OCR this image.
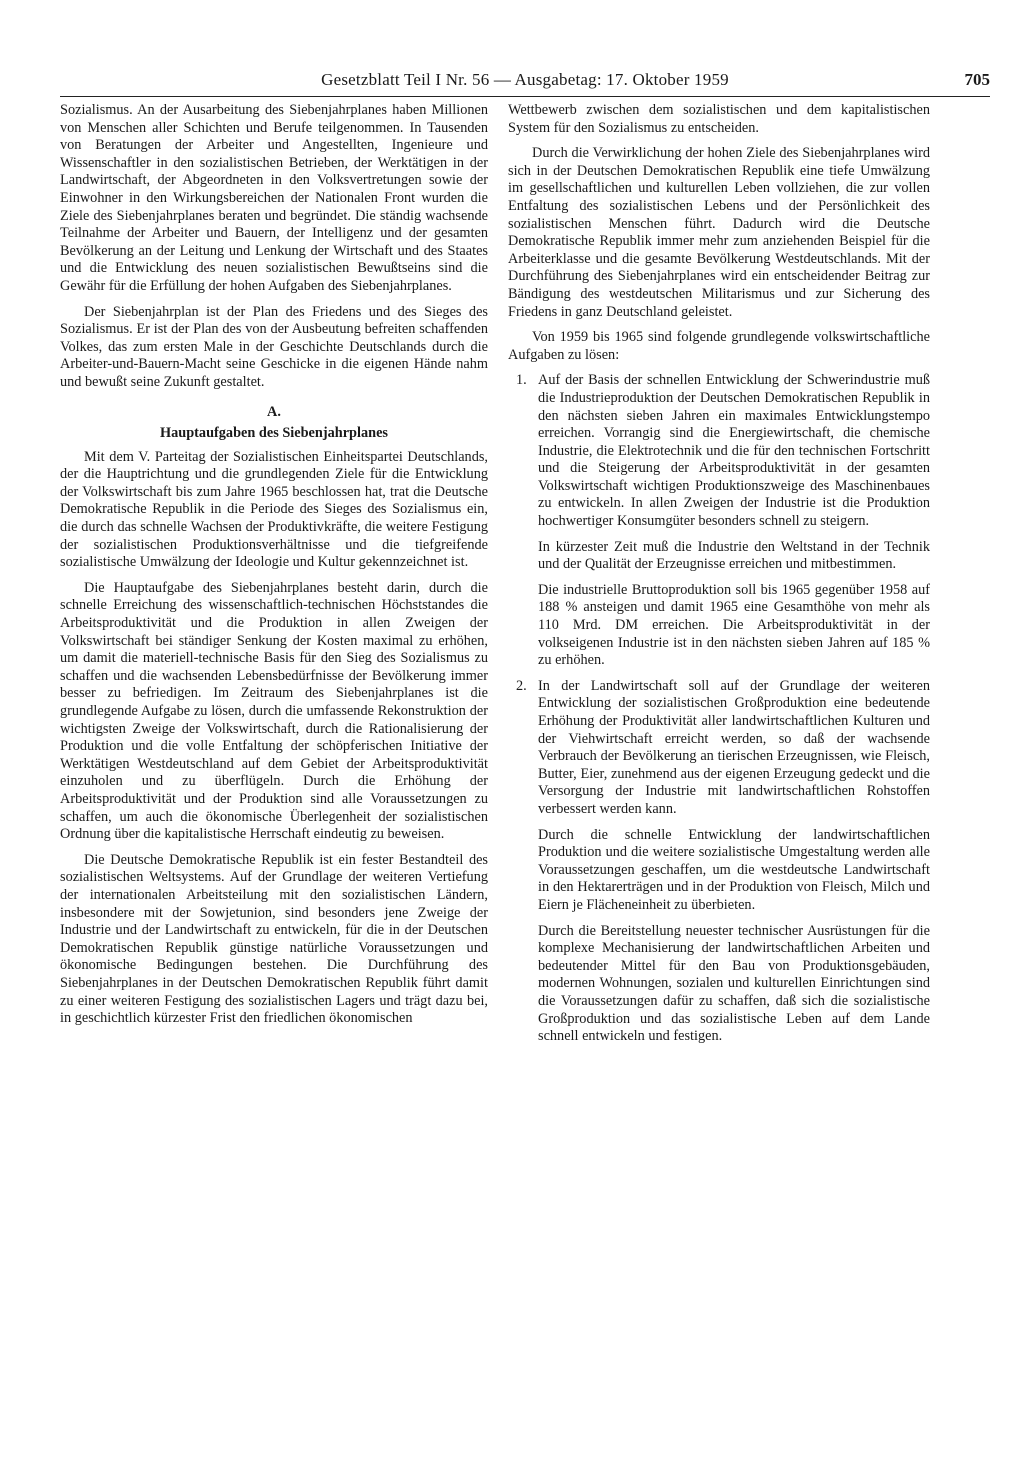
Gesetzblatt Teil I Nr. 56 — Ausgabetag: 17. Oktober 1959	705

Sozialismus. An der Ausarbeitung des Siebenjahrplanes haben Millionen von Menschen aller Schichten und Berufe teilgenommen. In Tausenden von Beratungen der Arbeiter und Angestellten, Ingenieure und Wissenschaftler in den sozialistischen Betrieben, der Werktätigen in der Landwirtschaft, der Abgeordneten in den Volksvertretungen sowie der Einwohner in den Wirkungsbereichen der Nationalen Front wurden die Ziele des Siebenjahrplanes beraten und begründet. Die ständig wachsende Teilnahme der Arbeiter und Bauern, der Intelligenz und der gesamten Bevölkerung an der Leitung und Lenkung der Wirtschaft und des Staates und die Entwicklung des neuen sozialistischen Bewußtseins sind die Gewähr für die Erfüllung der hohen Aufgaben des Siebenjahrplanes.

Der Siebenjahrplan ist der Plan des Friedens und des Sieges des Sozialismus. Er ist der Plan des von der Ausbeutung befreiten schaffenden Volkes, das zum ersten Male in der Geschichte Deutschlands durch die Arbeiter-und-Bauern-Macht seine Geschicke in die eigenen Hände nahm und bewußt seine Zukunft gestaltet.

A.
Hauptaufgaben des Siebenjahrplanes

Mit dem V. Parteitag der Sozialistischen Einheitspartei Deutschlands, der die Hauptrichtung und die grundlegenden Ziele für die Entwicklung der Volkswirtschaft bis zum Jahre 1965 beschlossen hat, trat die Deutsche Demokratische Republik in die Periode des Sieges des Sozialismus ein, die durch das schnelle Wachsen der Produktivkräfte, die weitere Festigung der sozialistischen Produktionsverhältnisse und die tiefgreifende sozialistische Umwälzung der Ideologie und Kultur gekennzeichnet ist.

Die Hauptaufgabe des Siebenjahrplanes besteht darin, durch die schnelle Erreichung des wissenschaftlich-technischen Höchststandes die Arbeitsproduktivität und die Produktion in allen Zweigen der Volkswirtschaft bei ständiger Senkung der Kosten maximal zu erhöhen, um damit die materiell-technische Basis für den Sieg des Sozialismus zu schaffen und die wachsenden Lebensbedürfnisse der Bevölkerung immer besser zu befriedigen. Im Zeitraum des Siebenjahrplanes ist die grundlegende Aufgabe zu lösen, durch die umfassende Rekonstruktion der wichtigsten Zweige der Volkswirtschaft, durch die Rationalisierung der Produktion und die volle Entfaltung der schöpferischen Initiative der Werktätigen Westdeutschland auf dem Gebiet der Arbeitsproduktivität einzuholen und zu überflügeln. Durch die Erhöhung der Arbeitsproduktivität und der Produktion sind alle Voraussetzungen zu schaffen, um auch die ökonomische Überlegenheit der sozialistischen Ordnung über die kapitalistische Herrschaft eindeutig zu beweisen.

Die Deutsche Demokratische Republik ist ein fester Bestandteil des sozialistischen Weltsystems. Auf der Grundlage der weiteren Vertiefung der internationalen Arbeitsteilung mit den sozialistischen Ländern, insbesondere mit der Sowjetunion, sind besonders jene Zweige der Industrie und der Landwirtschaft zu entwickeln, für die in der Deutschen Demokratischen Republik günstige natürliche Voraussetzungen und ökonomische Bedingungen bestehen. Die Durchführung des Siebenjahrplanes in der Deutschen Demokratischen Republik führt damit zu einer weiteren Festigung des sozialistischen Lagers und trägt dazu bei, in geschichtlich kürzester Frist den friedlichen ökonomischen

Wettbewerb zwischen dem sozialistischen und dem kapitalistischen System für den Sozialismus zu entscheiden.

Durch die Verwirklichung der hohen Ziele des Siebenjahrplanes wird sich in der Deutschen Demokratischen Republik eine tiefe Umwälzung im gesellschaftlichen und kulturellen Leben vollziehen, die zur vollen Entfaltung des sozialistischen Lebens und der Persönlichkeit des sozialistischen Menschen führt. Dadurch wird die Deutsche Demokratische Republik immer mehr zum anziehenden Beispiel für die Arbeiterklasse und die gesamte Bevölkerung Westdeutschlands. Mit der Durchführung des Siebenjahrplanes wird ein entscheidender Beitrag zur Bändigung des westdeutschen Militarismus und zur Sicherung des Friedens in ganz Deutschland geleistet.

Von 1959 bis 1965 sind folgende grundlegende volkswirtschaftliche Aufgaben zu lösen:

1. Auf der Basis der schnellen Entwicklung der Schwerindustrie muß die Industrieproduktion der Deutschen Demokratischen Republik in den nächsten sieben Jahren ein maximales Entwicklungstempo erreichen. Vorrangig sind die Energiewirtschaft, die chemische Industrie, die Elektrotechnik und die für den technischen Fortschritt und die Steigerung der Arbeitsproduktivität in der gesamten Volkswirtschaft wichtigen Produktionszweige des Maschinenbaues zu entwickeln. In allen Zweigen der Industrie ist die Produktion hochwertiger Konsumgüter besonders schnell zu steigern.

In kürzester Zeit muß die Industrie den Weltstand in der Technik und der Qualität der Erzeugnisse erreichen und mitbestimmen.

Die industrielle Bruttoproduktion soll bis 1965 gegenüber 1958 auf 188 % ansteigen und damit 1965 eine Gesamthöhe von mehr als 110 Mrd. DM erreichen. Die Arbeitsproduktivität in der volkseigenen Industrie ist in den nächsten sieben Jahren auf 185 % zu erhöhen.

2. In der Landwirtschaft soll auf der Grundlage der weiteren Entwicklung der sozialistischen Großproduktion eine bedeutende Erhöhung der Produktivität aller landwirtschaftlichen Kulturen und der Viehwirtschaft erreicht werden, so daß der wachsende Verbrauch der Bevölkerung an tierischen Erzeugnissen, wie Fleisch, Butter, Eier, zunehmend aus der eigenen Erzeugung gedeckt und die Versorgung der Industrie mit landwirtschaftlichen Rohstoffen verbessert werden kann.

Durch die schnelle Entwicklung der landwirtschaftlichen Produktion und die weitere sozialistische Umgestaltung werden alle Voraussetzungen geschaffen, um die westdeutsche Landwirtschaft in den Hektarerträgen und in der Produktion von Fleisch, Milch und Eiern je Flächeneinheit zu überbieten.

Durch die Bereitstellung neuester technischer Ausrüstungen für die komplexe Mechanisierung der landwirtschaftlichen Arbeiten und bedeutender Mittel für den Bau von Produktionsgebäuden, modernen Wohnungen, sozialen und kulturellen Einrichtungen sind die Voraussetzungen dafür zu schaffen, daß sich die sozialistische Großproduktion und das sozialistische Leben auf dem Lande schnell entwickeln und festigen.
